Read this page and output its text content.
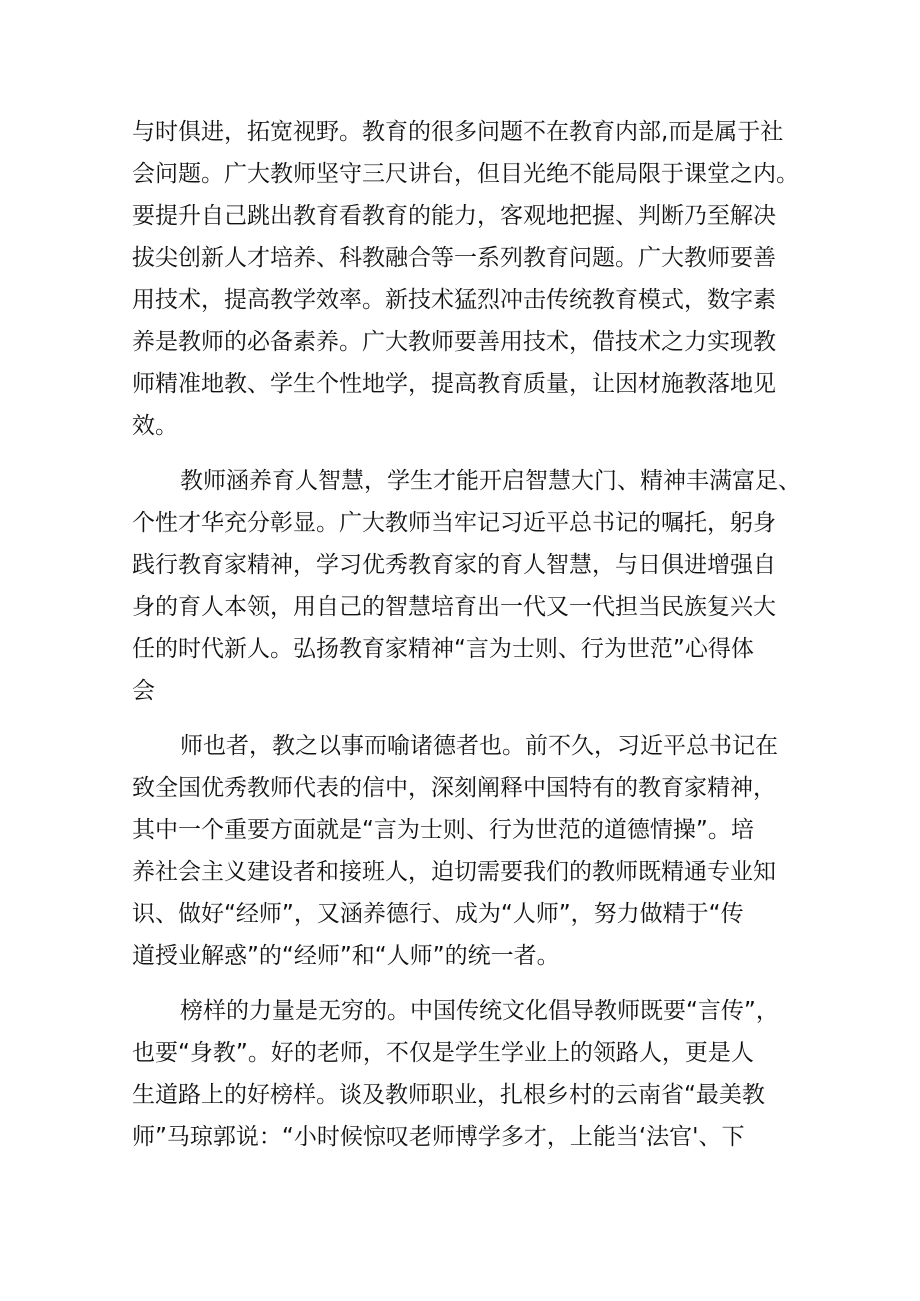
与时俱进，拓宽视野。教育的很多问题不在教育内部,而是属于社
会问题。广大教师坚守三尺讲台，但目光绝不能局限于课堂之内。
要提升自己跳出教育看教育的能力，客观地把握、判断乃至解决
拔尖创新人才培养、科教融合等一系列教育问题。广大教师要善
用技术，提高教学效率。新技术猛烈冲击传统教育模式，数字素
养是教师的必备素养。广大教师要善用技术，借技术之力实现教
师精准地教、学生个性地学，提高教育质量，让因材施教落地见
效。
教师涵养育人智慧，学生才能开启智慧大门、精神丰满富足、
个性才华充分彰显。广大教师当牢记习近平总书记的嘱托，躬身
践行教育家精神，学习优秀教育家的育人智慧，与日俱进增强自
身的育人本领，用自己的智慧培育出一代又一代担当民族复兴大
任的时代新人。弘扬教育家精神“言为士则、行为世范”心得体
会
师也者，教之以事而喻诸德者也。前不久，习近平总书记在
致全国优秀教师代表的信中，深刻阐释中国特有的教育家精神，
其中一个重要方面就是“言为士则、行为世范的道德情操”。培
养社会主义建设者和接班人，迫切需要我们的教师既精通专业知
识、做好“经师”，又涵养德行、成为“人师”，努力做精于“传
道授业解惑”的“经师”和“人师”的统一者。
榜样的力量是无穷的。中国传统文化倡导教师既要“言传”，
也要“身教”。好的老师，不仅是学生学业上的领路人，更是人
生道路上的好榜样。谈及教师职业，扎根乡村的云南省“最美教
师”马琼郭说：“小时候惊叹老师博学多才，上能当‘法官'、下
